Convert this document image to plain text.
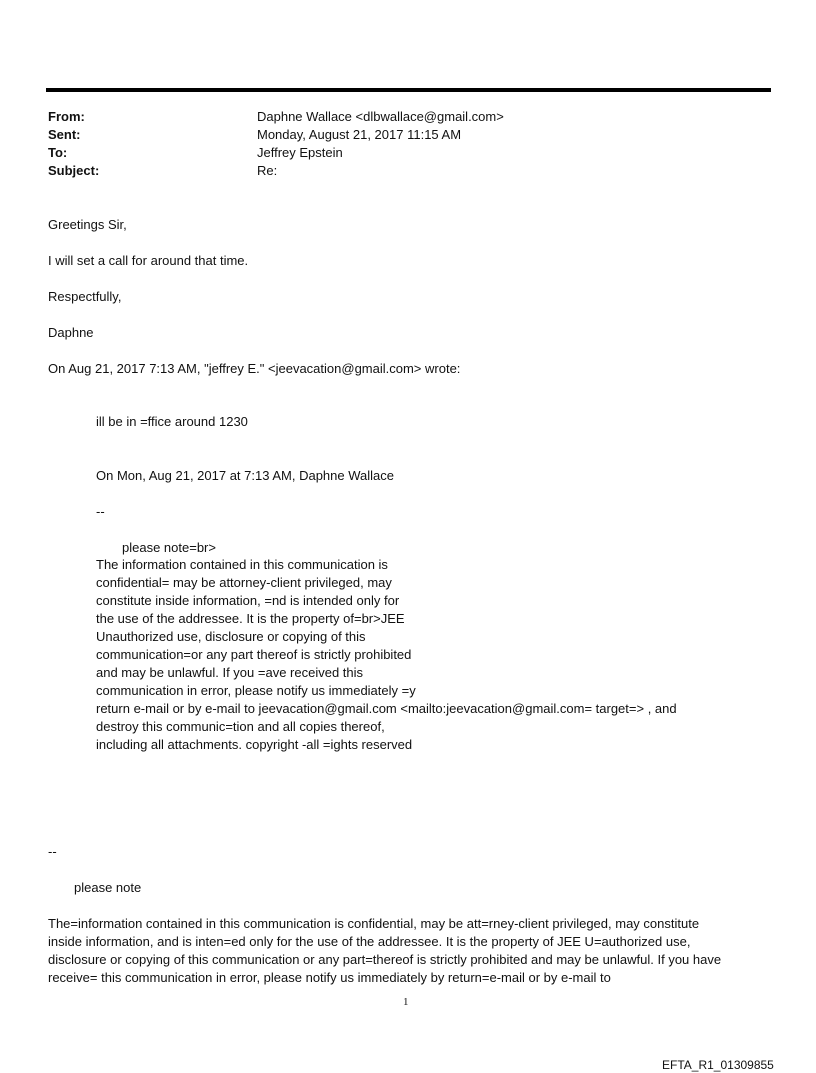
From:	Daphne Wallace <dlbwallace@gmail.com>
Sent:	Monday, August 21, 2017 11:15 AM
To:	Jeffrey Epstein
Subject:	Re:
Greetings Sir,
I will set a call for around that time.
Respectfully,
Daphne
On Aug 21, 2017 7:13 AM, "jeffrey E." <jeevacation@gmail.com> wrote:
ill be in =ffice around 1230
On Mon, Aug 21, 2017 at 7:13 AM, Daphne Wallace
--
please note=br>
The information contained in this communication is
confidential= may be attorney-client privileged, may
constitute inside information, =nd is intended only for
the use of the addressee. It is the property of=br>JEE
Unauthorized use, disclosure or copying of this
communication=or any part thereof is strictly prohibited
and may be unlawful. If you =ave received this
communication in error, please notify us immediately =y
return e-mail or by e-mail to jeevacation@gmail.com <mailto:jeevacation@gmail.com= target=> , and
destroy this communic=tion and all copies thereof,
including all attachments. copyright -all =ights reserved
--
please note
The=information contained in this communication is confidential, may be att=rney-client privileged, may constitute
inside information, and is inten=ed only for the use of the addressee. It is the property of JEE U=authorized use,
disclosure or copying of this communication or any part=thereof is strictly prohibited and may be unlawful. If you have
receive= this communication in error, please notify us immediately by return=e-mail or by e-mail to
1
EFTA_R1_01309855
